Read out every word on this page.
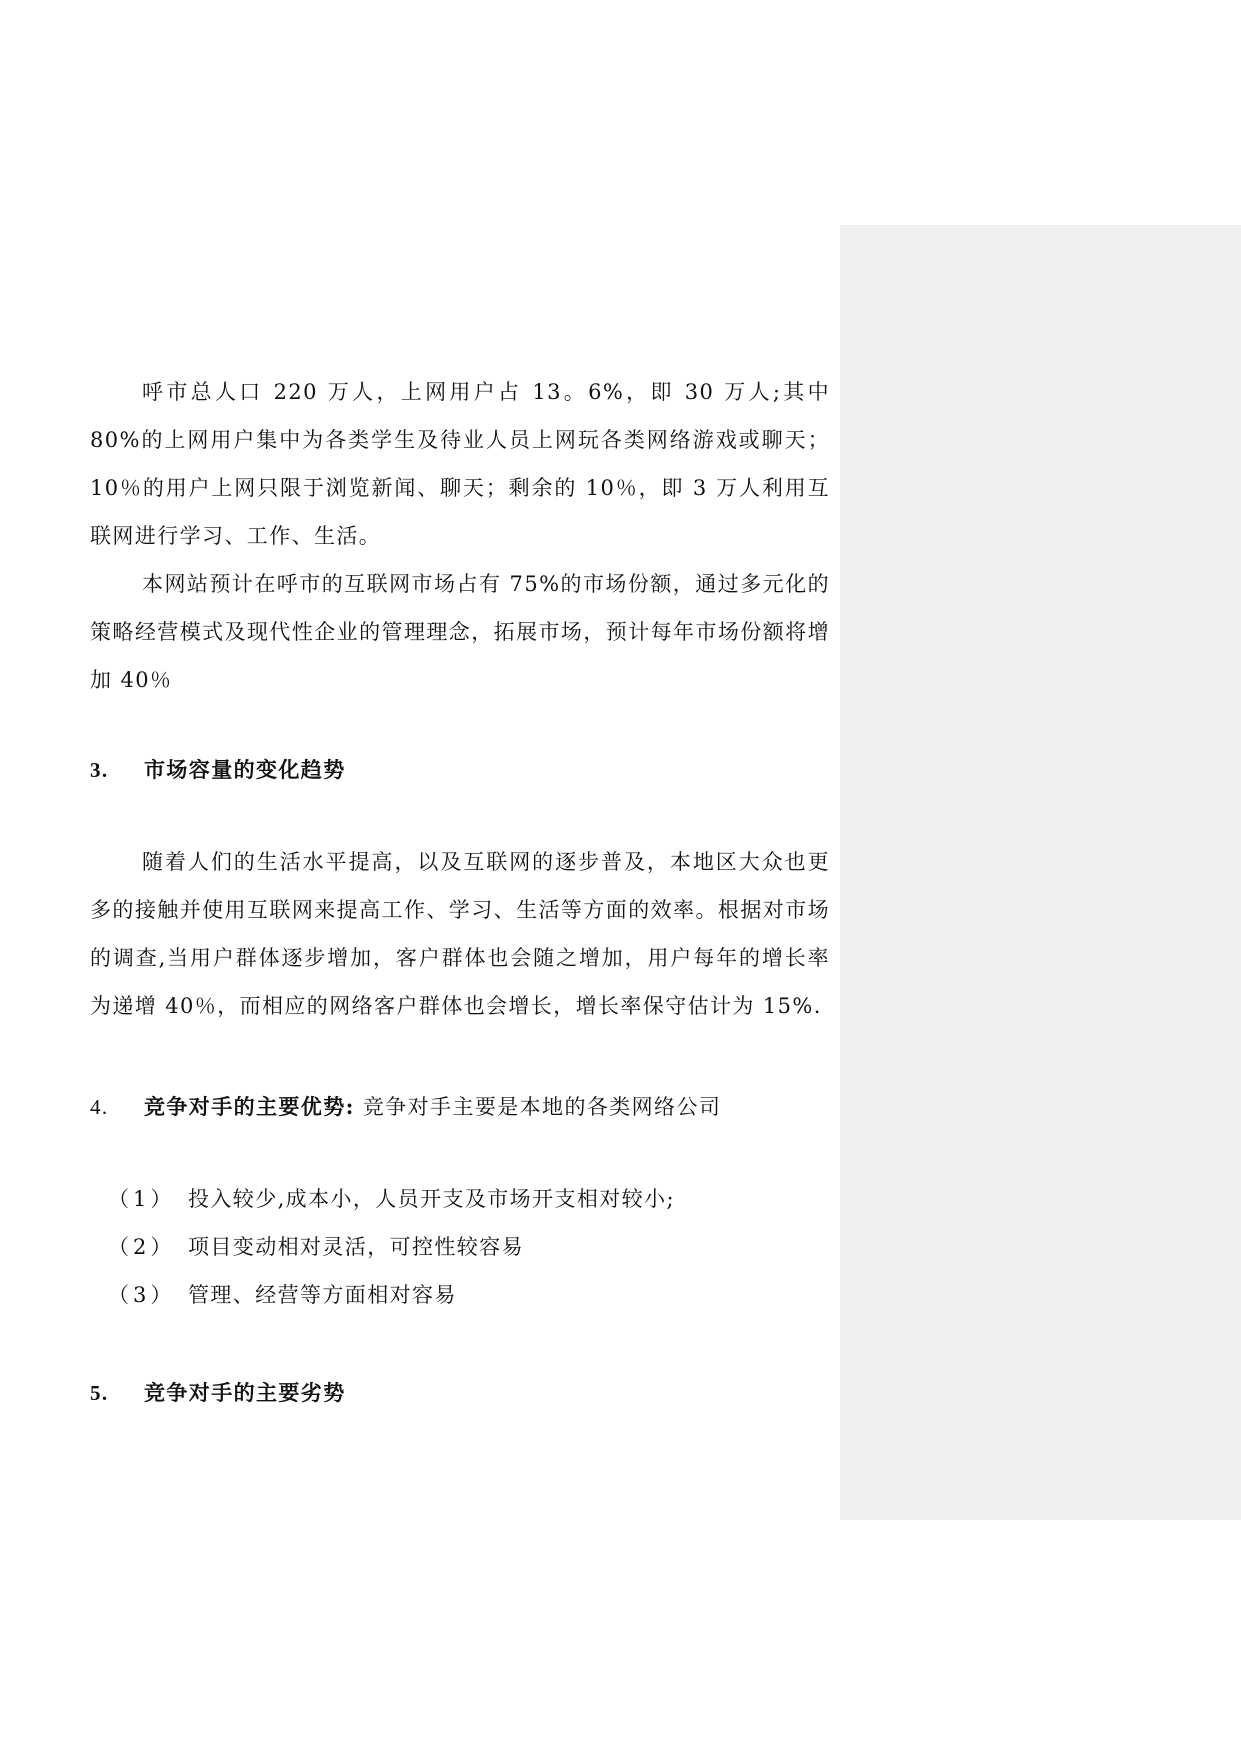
呼市总人口 220 万人，上网用户占 13。6%，即 30 万人;其中 80%的上网用户集中为各类学生及待业人员上网玩各类网络游戏或聊天；10％的用户上网只限于浏览新闻、聊天；剩余的 10％，即 3 万人利用互联网进行学习、工作、生活。

本网站预计在呼市的互联网市场占有 75%的市场份额，通过多元化的策略经营模式及现代性企业的管理理念，拓展市场，预计每年市场份额将增加 40％

3. 市场容量的变化趋势

随着人们的生活水平提高，以及互联网的逐步普及，本地区大众也更多的接触并使用互联网来提高工作、学习、生活等方面的效率。根据对市场的调查,当用户群体逐步增加，客户群体也会随之增加，用户每年的增长率为递增 40％，而相应的网络客户群体也会增长，增长率保守估计为 15%.

4. 竞争对手的主要优势: 竞争对手主要是本地的各类网络公司
（1） 投入较少,成本小，人员开支及市场开支相对较小;
（2） 项目变动相对灵活，可控性较容易
（3） 管理、经营等方面相对容易
5. 竞争对手的主要劣势
